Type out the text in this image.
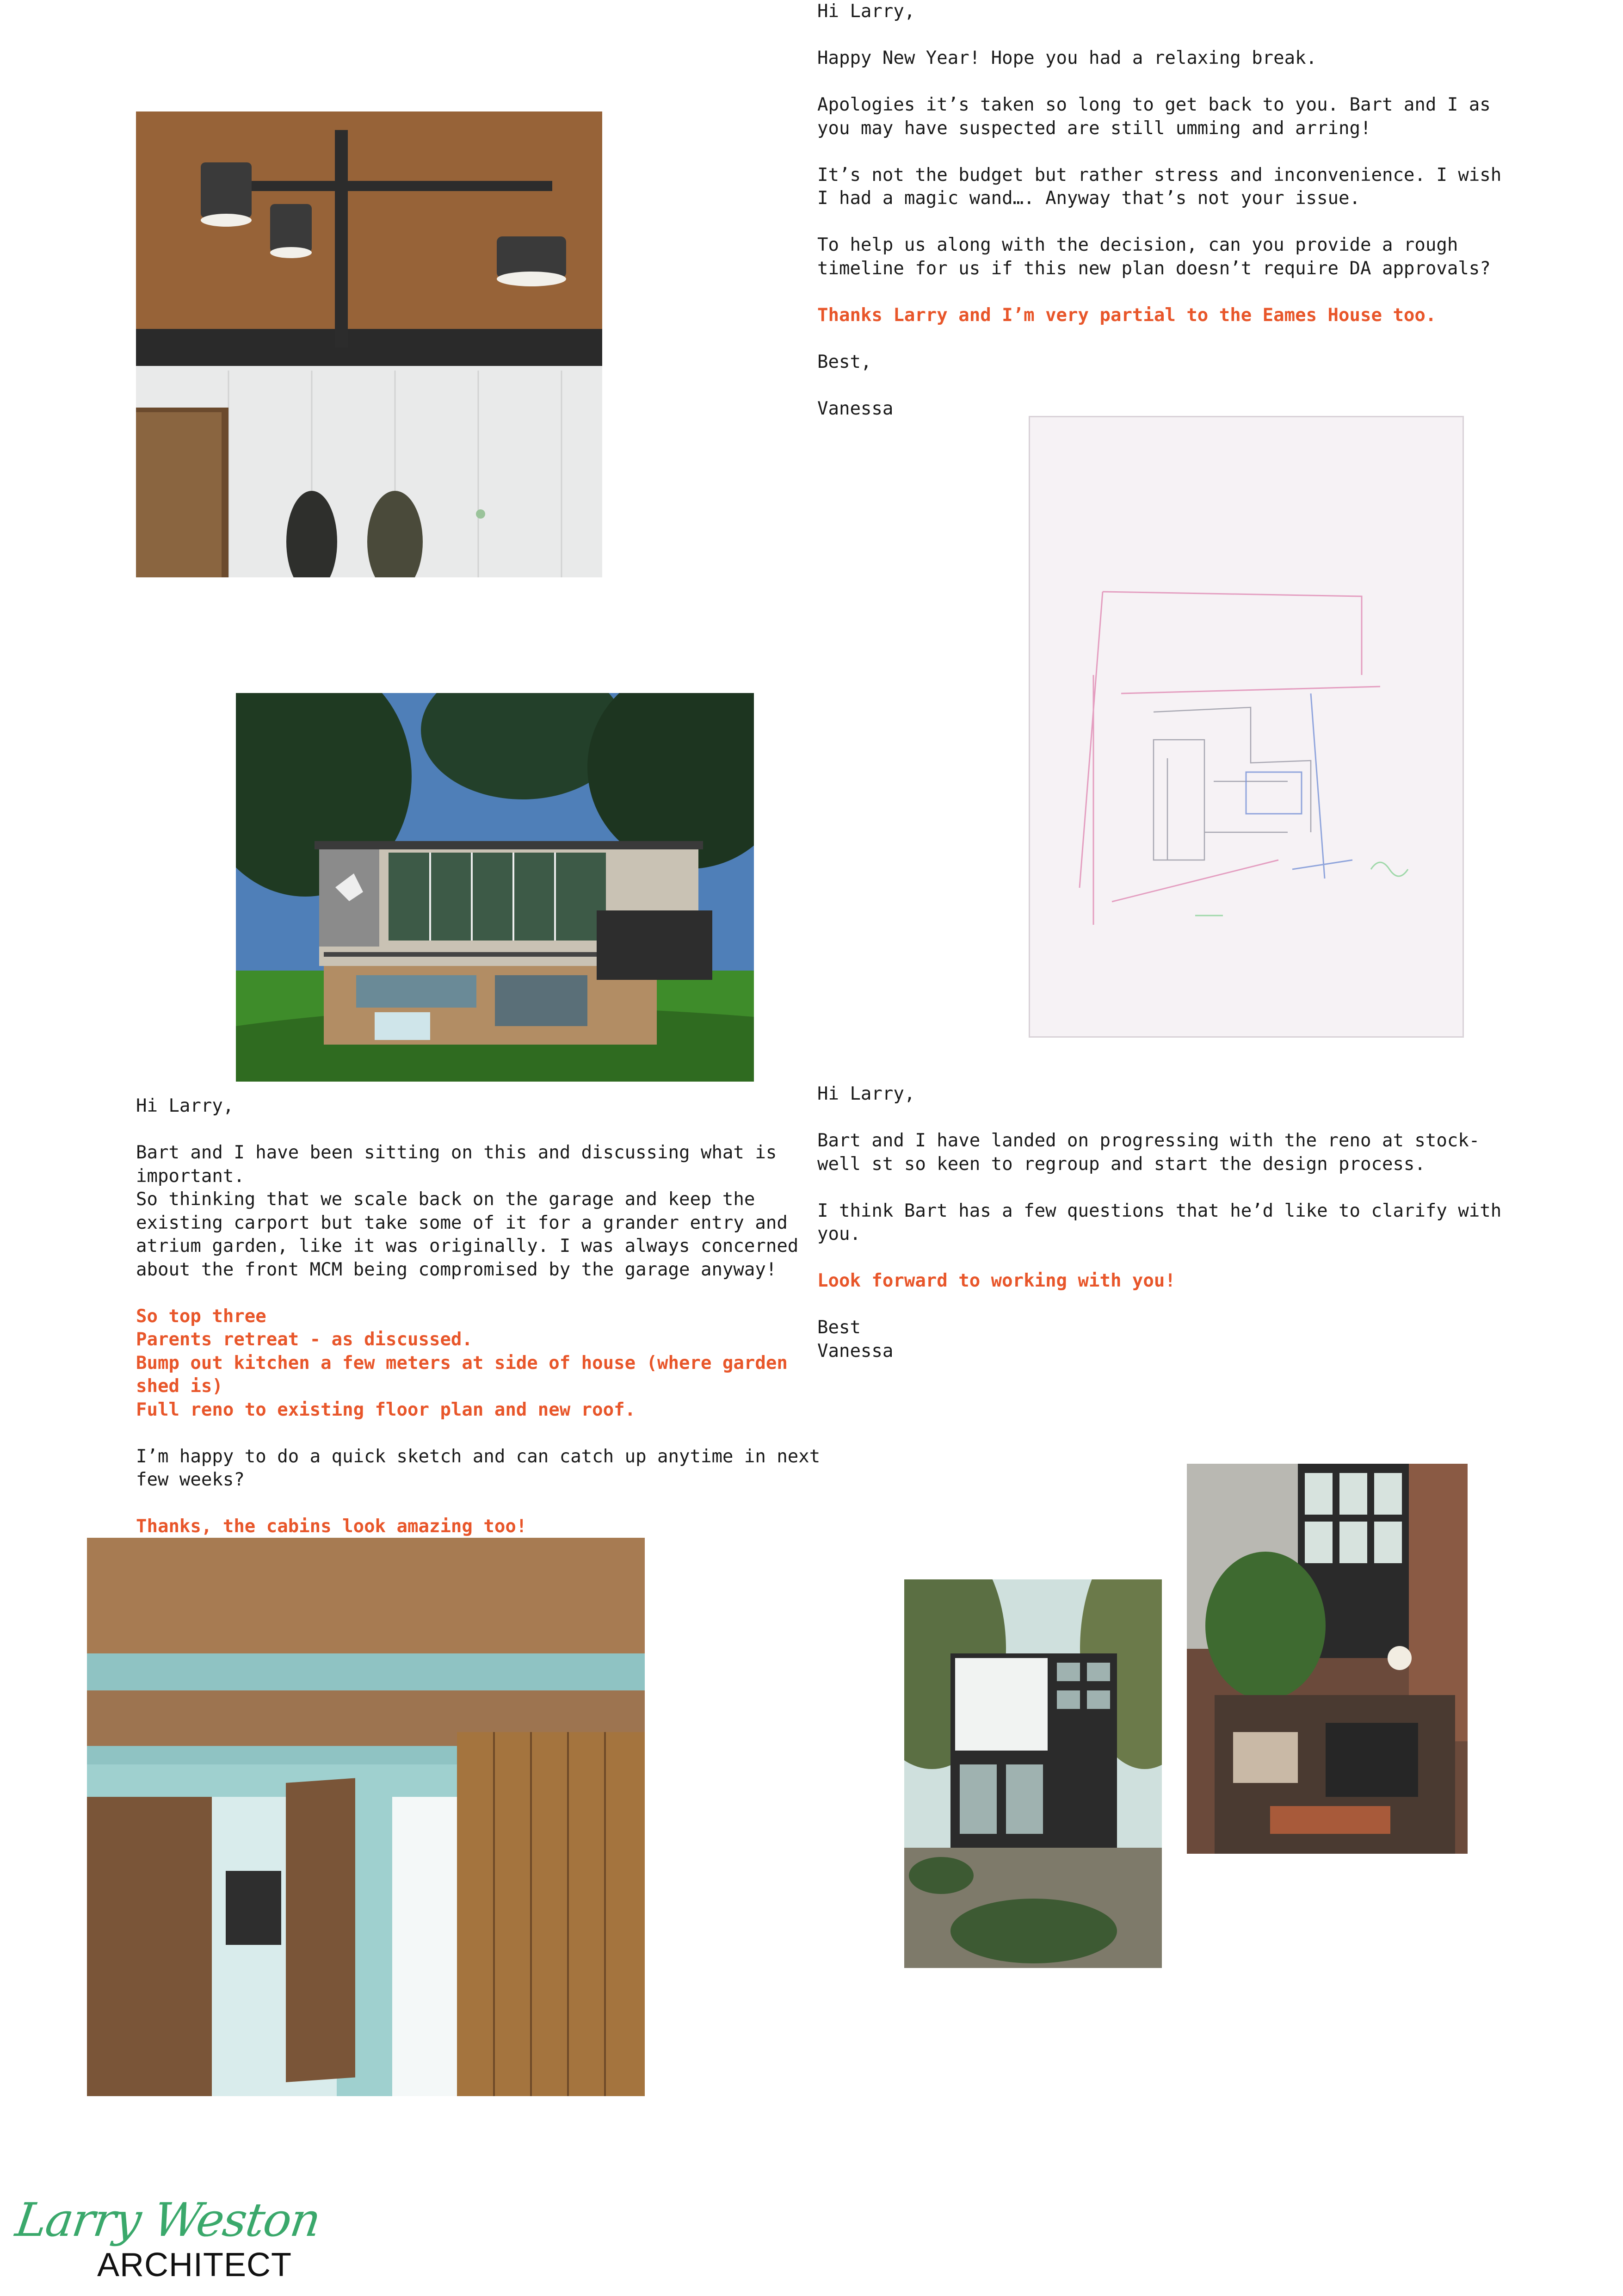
Hi Larry,

Happy New Year! Hope you had a relaxing break.

Apologies it’s taken so long to get back to you. Bart and I as
you may have suspected are still umming and arring!

It’s not the budget but rather stress and inconvenience. I wish
I had a magic wand…. Anyway that’s not your issue.

To help us along with the decision, can you provide a rough
timeline for us if this new plan doesn’t require DA approvals?

Thanks Larry and I’m very partial to the Eames House too.

Best,

Vanessa

Hi Larry,

Bart and I have been sitting on this and discussing what is
important.
So thinking that we scale back on the garage and keep the
existing carport but take some of it for a grander entry and
atrium garden, like it was originally. I was always concerned
about the front MCM being compromised by the garage anyway!

So top three
Parents retreat - as discussed.
Bump out kitchen a few meters at side of house (where garden
shed is)
Full reno to existing floor plan and new roof.

I’m happy to do a quick sketch and can catch up anytime in next
few weeks?

Thanks, the cabins look amazing too!

Hi Larry,

Bart and I have landed on progressing with the reno at stock-
well st so keen to regroup and start the design process.

I think Bart has a few questions that he’d like to clarify with
you.

Look forward to working with you!

Best

Vanessa

Larry Weston
ARCHITECT
